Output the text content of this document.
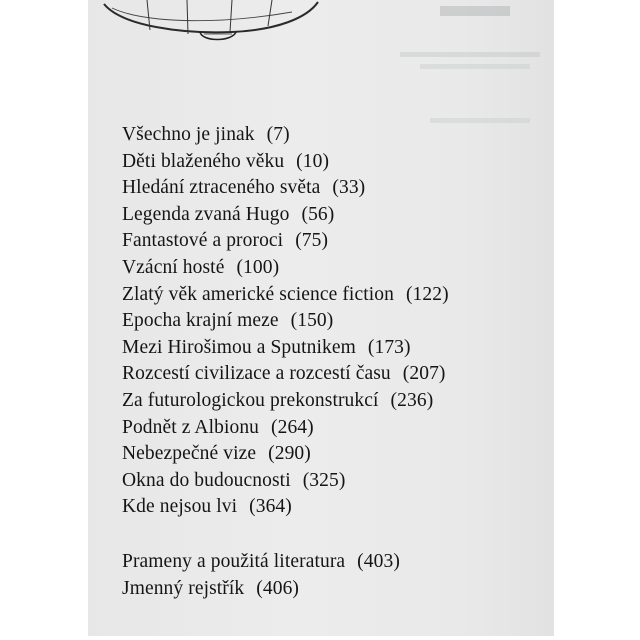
Všechno je jinak (7)
Děti blaženého věku (10)
Hledání ztraceného světa (33)
Legenda zvaná Hugo (56)
Fantastové a proroci (75)
Vzácní hosté (100)
Zlatý věk americké science fiction (122)
Epocha krajní meze (150)
Mezi Hirošimou a Sputnikem (173)
Rozcestí civilizace a rozcestí času (207)
Za futurologickou prekonstrukcí (236)
Podnět z Albionu (264)
Nebezpečné vize (290)
Okna do budoucnosti (325)
Kde nejsou lvi (364)
Prameny a použitá literatura (403)
Jmenný rejstřík (406)
